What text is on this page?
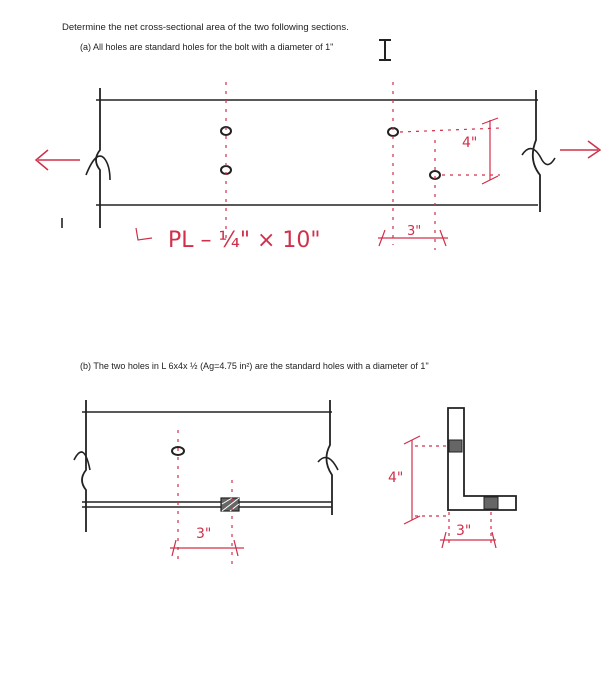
Determine the net cross-sectional area of the two following sections.
(a) All holes are standard holes for the bolt with a diameter of 1"
(b) The two holes in L 6x4x ½ (Ag=4.75 in²) are the standard holes with a diameter of 1"
PL – ¼" × 10"
4"
3"
3"
4"
3"
